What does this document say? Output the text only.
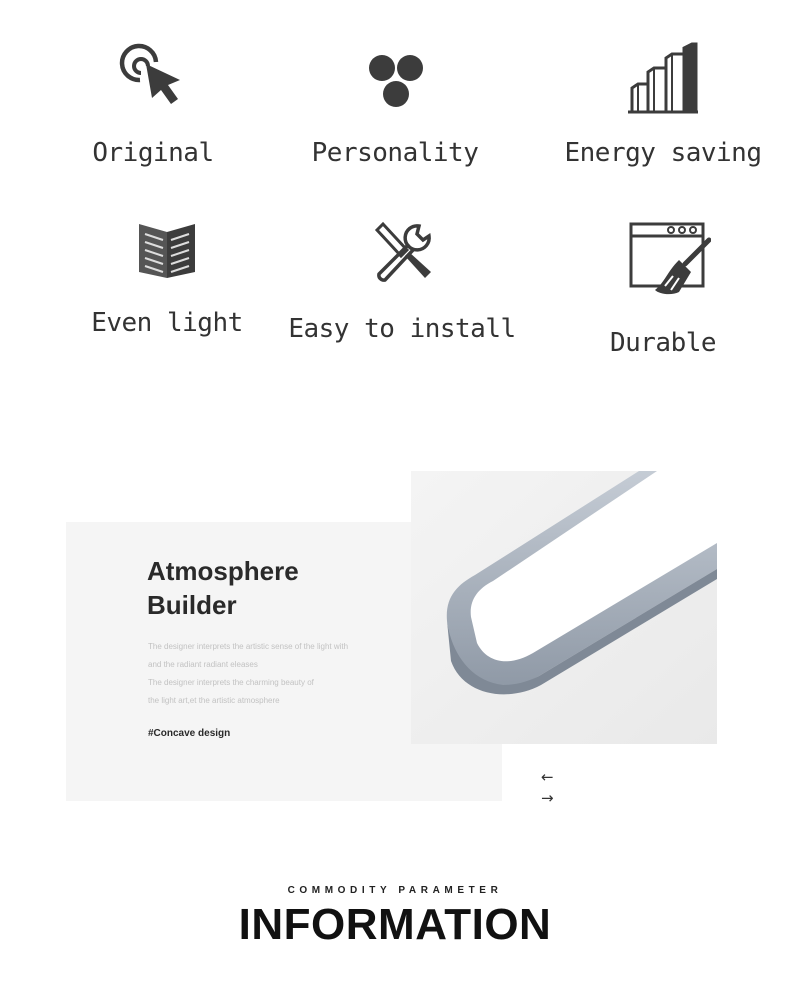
Original	Personality	Energy saving
Even light	Easy to install	Durable
Atmosphere
Builder
The designer interprets the artistic sense of the light with
and the radiant radiant eleases
The designer interprets the charming beauty of
the light art,et the artistic atmosphere
#Concave design
←
→
COMMODITY PARAMETER
INFORMATION
